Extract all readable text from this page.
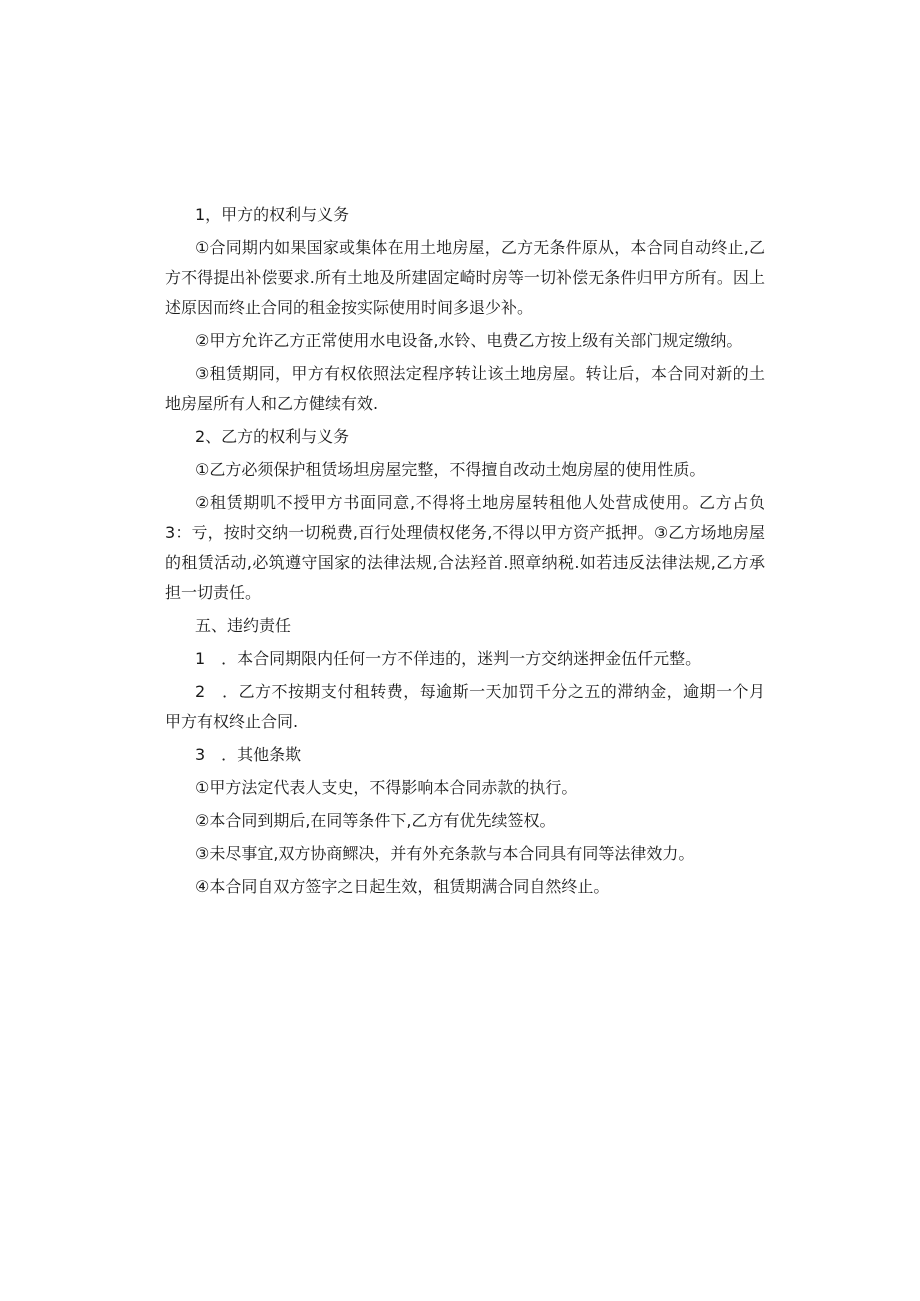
1，甲方的权利与义务

①合同期内如果国家或集体在用土地房屋，乙方无条件原从，本合同自动终止,乙方不得提出补偿要求.所有土地及所建固定崎时房等一切补偿无条件归甲方所有。因上述原因而终止合同的租金按实际使用时间多退少补。

②甲方允许乙方正常使用水电设备,水铃、电费乙方按上级有关部门规定缴纳。

③租赁期同，甲方有权依照法定程序转让该土地房屋。转让后，本合同对新的土地房屋所有人和乙方健续有效.

2、乙方的权利与义务

①乙方必须保护租赁场坦房屋完整，不得擅自改动土炮房屋的使用性质。

②租赁期叽不授甲方书面同意,不得将土地房屋转租他人处营成使用。乙方占负3：亏，按时交纳一切税费,百行处理债权佬务,不得以甲方资产抵押。③乙方场地房屋的租赁活动,必筑遵守国家的法律法规,合法羟首.照章纳税.如若违反法律法规,乙方承担一切责任。

五、违约责任

1　．本合同期限内任何一方不佯违的，迷判一方交纳迷押金伍仟元整。

2　．乙方不按期支付租转费，每逾斯一天加罚千分之五的滞纳金，逾期一个月甲方有权终止合同.

3　．其他条欺

①甲方法定代表人支史，不得影响本合同赤款的执行。

②本合同到期后,在同等条件下,乙方有优先续签权。

③未尽事宜,双方协商鳏决，并有外充条款与本合同具有同等法律效力。

④本合同自双方签字之日起生效，租赁期满合同自然终止。
